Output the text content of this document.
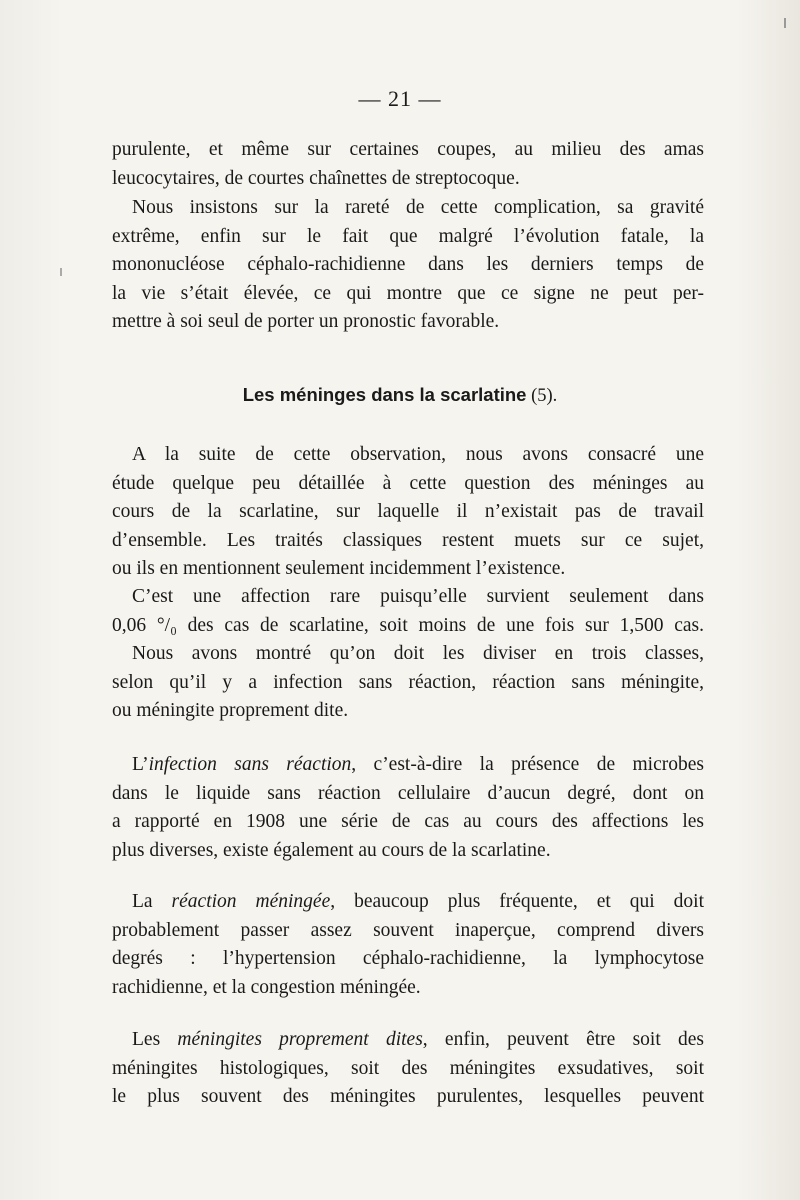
— 21 —
purulente, et même sur certaines coupes, au milieu des amas
leucocytaires, de courtes chaînettes de streptocoque.
Nous insistons sur la rareté de cette complication, sa gravité
extrême, enfin sur le fait que malgré l’évolution fatale, la
mononucléose céphalo-rachidienne dans les derniers temps de
la vie s’était élevée, ce qui montre que ce signe ne peut per-
mettre à soi seul de porter un pronostic favorable.
Les méninges dans la scarlatine (5).
A la suite de cette observation, nous avons consacré une
étude quelque peu détaillée à cette question des méninges au
cours de la scarlatine, sur laquelle il n’existait pas de travail
d’ensemble. Les traités classiques restent muets sur ce sujet,
ou ils en mentionnent seulement incidemment l’existence.
C’est une affection rare puisqu’elle survient seulement dans
0,06 °/₀ des cas de scarlatine, soit moins de une fois sur 1,500 cas.
Nous avons montré qu’on doit les diviser en trois classes,
selon qu’il y a infection sans réaction, réaction sans méningite,
ou méningite proprement dite.
L’infection sans réaction, c’est-à-dire la présence de microbes
dans le liquide sans réaction cellulaire d’aucun degré, dont on
a rapporté en 1908 une série de cas au cours des affections les
plus diverses, existe également au cours de la scarlatine.
La réaction méningée, beaucoup plus fréquente, et qui doit
probablement passer assez souvent inaperçue, comprend divers
degrés : l’hypertension céphalo-rachidienne, la lymphocytose
rachidienne, et la congestion méningée.
Les méningites proprement dites, enfin, peuvent être soit des
méningites histologiques, soit des méningites exsudatives, soit
le plus souvent des méningites purulentes, lesquelles peuvent
